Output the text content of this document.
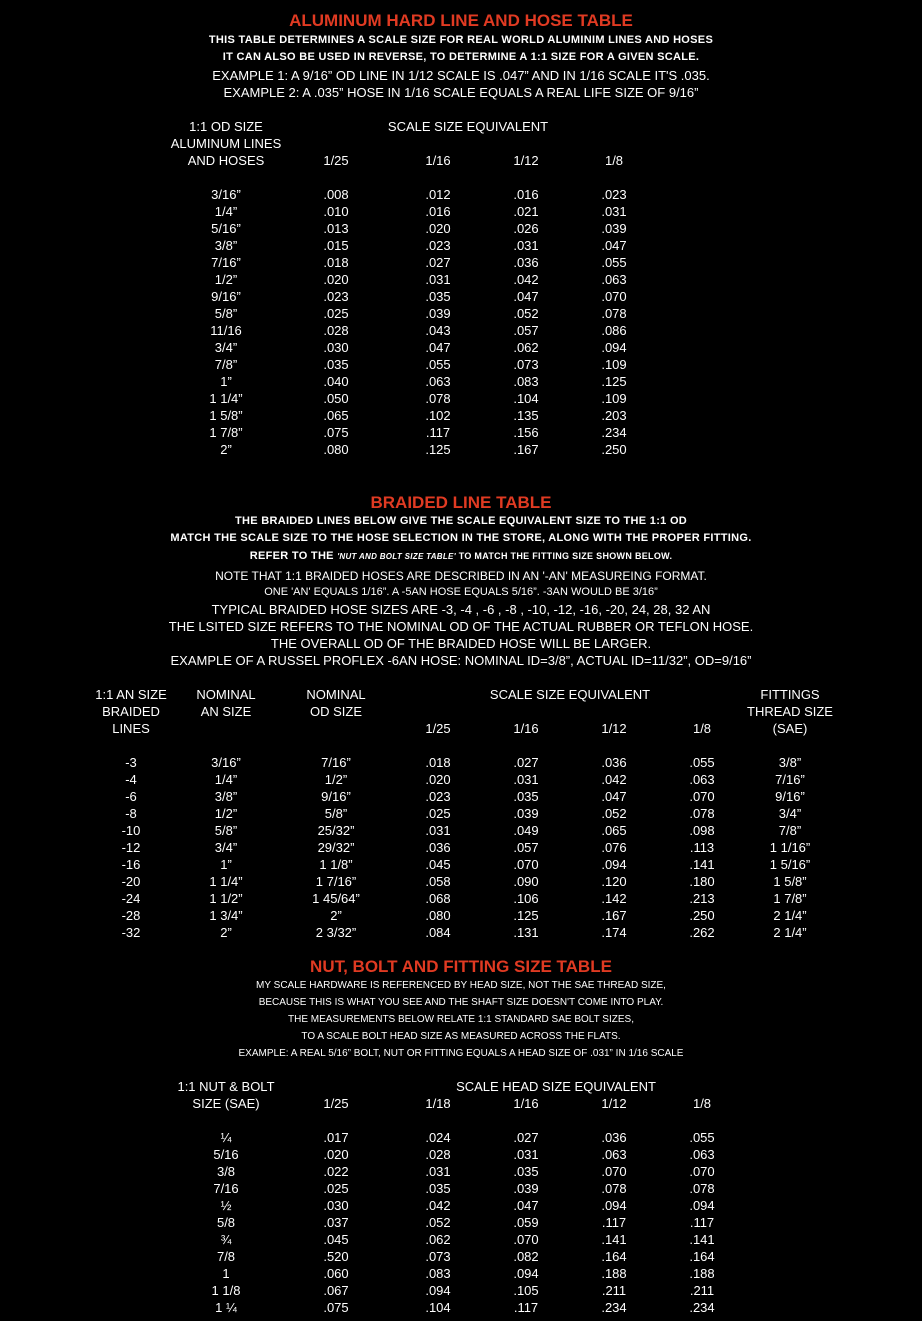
ALUMINUM HARD LINE AND HOSE TABLE
THIS TABLE DETERMINES A SCALE SIZE FOR REAL WORLD ALUMINIM LINES AND HOSES
IT CAN ALSO BE USED IN REVERSE, TO DETERMINE A 1:1 SIZE FOR A GIVEN SCALE.
EXAMPLE 1: A 9/16” OD LINE IN 1/12 SCALE IS .047” AND IN 1/16 SCALE IT'S .035.
EXAMPLE 2: A .035” HOSE IN 1/16 SCALE EQUALS A REAL LIFE SIZE OF 9/16”
1:1 OD SIZE
ALUMINUM LINES
AND HOSES
SCALE SIZE EQUIVALENT
1/25	1/16	1/12	1/8
3/16”	.008	.012	.016	.023
1/4”	.010	.016	.021	.031
5/16”	.013	.020	.026	.039
3/8”	.015	.023	.031	.047
7/16”	.018	.027	.036	.055
1/2”	.020	.031	.042	.063
9/16”	.023	.035	.047	.070
5/8”	.025	.039	.052	.078
11/16	.028	.043	.057	.086
3/4”	.030	.047	.062	.094
7/8”	.035	.055	.073	.109
1”	.040	.063	.083	.125
1 1/4”	.050	.078	.104	.109
1 5/8”	.065	.102	.135	.203
1 7/8”	.075	.117	.156	.234
2”	.080	.125	.167	.250
BRAIDED LINE TABLE
THE BRAIDED LINES BELOW GIVE THE SCALE EQUIVALENT SIZE TO THE 1:1 OD
MATCH THE SCALE SIZE TO THE HOSE SELECTION IN THE STORE, ALONG WITH THE PROPER FITTING.
REFER TO THE 'NUT AND BOLT SIZE TABLE' TO MATCH THE FITTING SIZE SHOWN BELOW.
NOTE THAT 1:1 BRAIDED HOSES ARE DESCRIBED IN AN '-AN' MEASUREING FORMAT.
ONE 'AN' EQUALS 1/16”. A -5AN HOSE EQUALS 5/16”. -3AN WOULD BE 3/16”
TYPICAL BRAIDED HOSE SIZES ARE -3, -4 , -6 , -8 , -10, -12, -16, -20, 24, 28, 32 AN
THE LSITED SIZE REFERS TO THE NOMINAL OD OF THE ACTUAL RUBBER OR TEFLON HOSE.
THE OVERALL OD OF THE BRAIDED HOSE WILL BE LARGER.
EXAMPLE OF A RUSSEL PROFLEX -6AN HOSE: NOMINAL ID=3/8”, ACTUAL ID=11/32”, OD=9/16”
1:1 AN SIZE
BRAIDED
LINES
NOMINAL
AN SIZE
NOMINAL
OD SIZE
SCALE SIZE EQUIVALENT
1/25	1/16	1/12	1/8
FITTINGS
THREAD SIZE
(SAE)
-3	3/16”	7/16”	.018	.027	.036	.055	3/8”
-4	1/4”	1/2”	.020	.031	.042	.063	7/16”
-6	3/8”	9/16”	.023	.035	.047	.070	9/16”
-8	1/2”	5/8”	.025	.039	.052	.078	3/4”
-10	5/8”	25/32”	.031	.049	.065	.098	7/8”
-12	3/4”	29/32”	.036	.057	.076	.113	1 1/16”
-16	1”	1 1/8”	.045	.070	.094	.141	1 5/16”
-20	1 1/4”	1 7/16”	.058	.090	.120	.180	1 5/8”
-24	1 1/2”	1 45/64”	.068	.106	.142	.213	1 7/8”
-28	1 3/4”	2”	.080	.125	.167	.250	2 1/4”
-32	2”	2 3/32”	.084	.131	.174	.262	2 1/4”
NUT, BOLT AND FITTING SIZE TABLE
MY SCALE HARDWARE IS REFERENCED BY HEAD SIZE, NOT THE SAE THREAD SIZE,
BECAUSE THIS IS WHAT YOU SEE AND THE SHAFT SIZE DOESN'T COME INTO PLAY.
THE MEASUREMENTS BELOW RELATE 1:1 STANDARD SAE BOLT SIZES,
TO A SCALE BOLT HEAD SIZE AS MEASURED ACROSS THE FLATS.
EXAMPLE: A REAL 5/16” BOLT, NUT OR FITTING EQUALS A HEAD SIZE OF .031” IN 1/16 SCALE
1:1 NUT & BOLT
SIZE (SAE)
SCALE HEAD SIZE EQUIVALENT
1/25	1/18	1/16	1/12	1/8
¼	.017	.024	.027	.036	.055
5/16	.020	.028	.031	.063	.063
3/8	.022	.031	.035	.070	.070
7/16	.025	.035	.039	.078	.078
½	.030	.042	.047	.094	.094
5/8	.037	.052	.059	.117	.117
¾	.045	.062	.070	.141	.141
7/8	.520	.073	.082	.164	.164
1	.060	.083	.094	.188	.188
1 1/8	.067	.094	.105	.211	.211
1 ¼	.075	.104	.117	.234	.234
